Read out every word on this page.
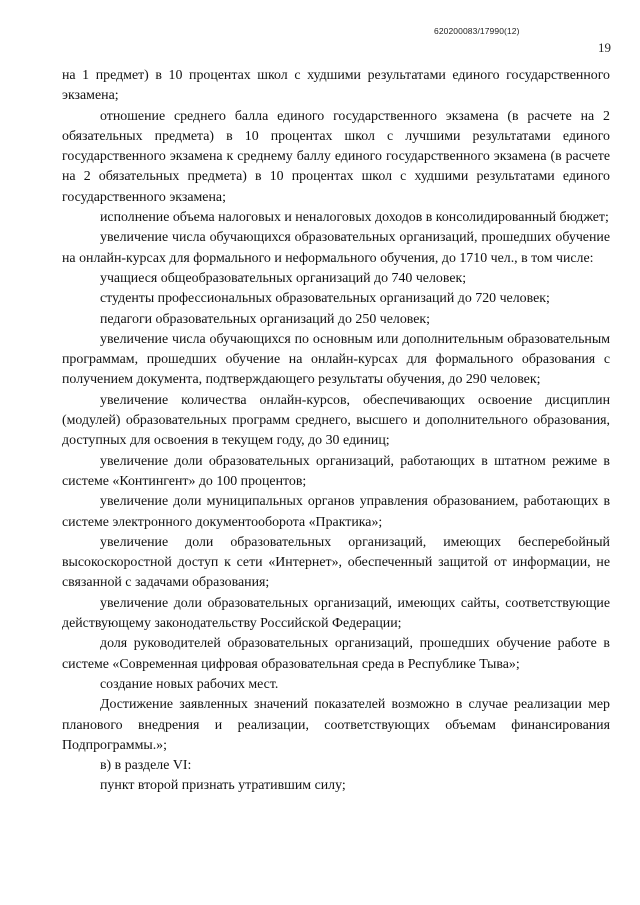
620200083/17990(12)
19

на 1 предмет) в 10 процентах школ с худшими результатами единого государственного экзамена;

отношение среднего балла единого государственного экзамена (в расчете на 2 обязательных предмета) в 10 процентах школ с лучшими результатами единого государственного экзамена к среднему баллу единого государственного экзамена (в расчете на 2 обязательных предмета) в 10 процентах школ с худшими результатами единого государственного экзамена;

исполнение объема налоговых и неналоговых доходов в консолидированный бюджет;

увеличение числа обучающихся образовательных организаций, прошедших обучение на онлайн-курсах для формального и неформального обучения, до 1710 чел., в том числе:

учащиеся общеобразовательных организаций до 740 человек;

студенты профессиональных образовательных организаций до 720 человек;

педагоги образовательных организаций до 250 человек;

увеличение числа обучающихся по основным или дополнительным образовательным программам, прошедших обучение на онлайн-курсах для формального образования с получением документа, подтверждающего результаты обучения, до 290 человек;

увеличение количества онлайн-курсов, обеспечивающих освоение дисциплин (модулей) образовательных программ среднего, высшего и дополнительного образования, доступных для освоения в текущем году, до 30 единиц;

увеличение доли образовательных организаций, работающих в штатном режиме в системе «Контингент» до 100 процентов;

увеличение доли муниципальных органов управления образованием, работающих в системе электронного документооборота «Практика»;

увеличение доли образовательных организаций, имеющих бесперебойный высокоскоростной доступ к сети «Интернет», обеспеченный защитой от информации, не связанной с задачами образования;

увеличение доли образовательных организаций, имеющих сайты, соответствующие действующему законодательству Российской Федерации;

доля руководителей образовательных организаций, прошедших обучение работе в системе «Современная цифровая образовательная среда в Республике Тыва»;

создание новых рабочих мест.

Достижение заявленных значений показателей возможно в случае реализации мер планового внедрения и реализации, соответствующих объемам финансирования Подпрограммы.»;

в) в разделе VI:

пункт второй признать утратившим силу;
